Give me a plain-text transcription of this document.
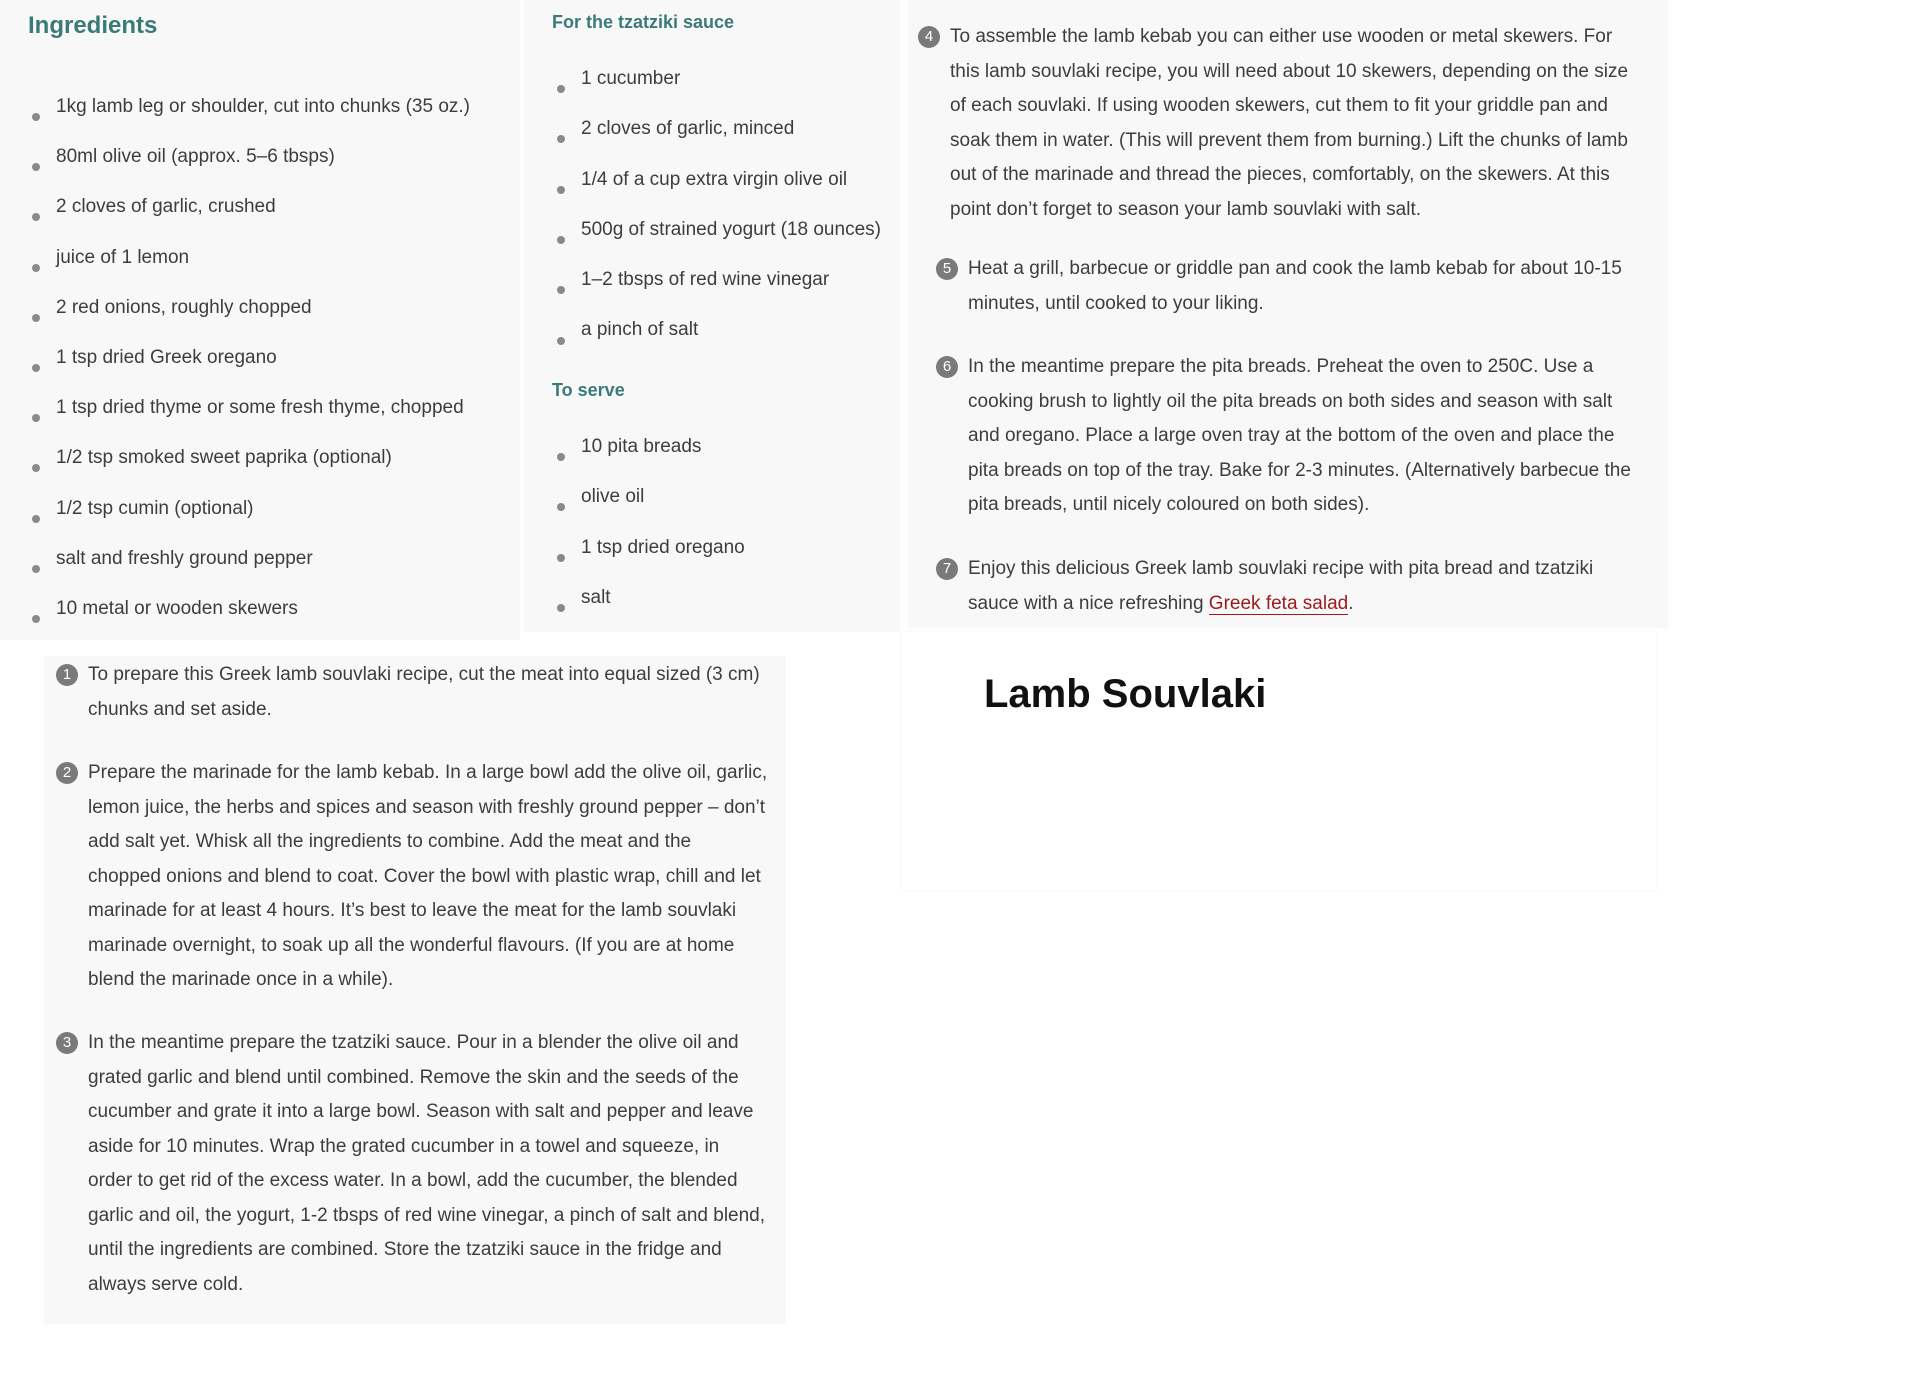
Ingredients
1kg lamb leg or shoulder, cut into chunks (35 oz.)
80ml olive oil (approx. 5–6 tbsps)
2 cloves of garlic, crushed
juice of 1 lemon
2 red onions, roughly chopped
1 tsp dried Greek oregano
1 tsp dried thyme or some fresh thyme, chopped
1/2 tsp smoked sweet paprika (optional)
1/2 tsp cumin (optional)
salt and freshly ground pepper
10 metal or wooden skewers
For the tzatziki sauce
1 cucumber
2 cloves of garlic, minced
1/4 of a cup extra virgin olive oil
500g of strained yogurt (18 ounces)
1–2 tbsps of red wine vinegar
a pinch of salt
To serve
10 pita breads
olive oil
1 tsp dried oregano
salt
1 To prepare this Greek lamb souvlaki recipe, cut the meat into equal sized (3 cm) chunks and set aside.
2 Prepare the marinade for the lamb kebab. In a large bowl add the olive oil, garlic, lemon juice, the herbs and spices and season with freshly ground pepper – don’t add salt yet. Whisk all the ingredients to combine. Add the meat and the chopped onions and blend to coat. Cover the bowl with plastic wrap, chill and let marinade for at least 4 hours. It’s best to leave the meat for the lamb souvlaki marinade overnight, to soak up all the wonderful flavours. (If you are at home blend the marinade once in a while).
3 In the meantime prepare the tzatziki sauce. Pour in a blender the olive oil and grated garlic and blend until combined. Remove the skin and the seeds of the cucumber and grate it into a large bowl. Season with salt and pepper and leave aside for 10 minutes. Wrap the grated cucumber in a towel and squeeze, in order to get rid of the excess water. In a bowl, add the cucumber, the blended garlic and oil, the yogurt, 1-2 tbsps of red wine vinegar, a pinch of salt and blend, until the ingredients are combined. Store the tzatziki sauce in the fridge and always serve cold.
4 To assemble the lamb kebab you can either use wooden or metal skewers. For this lamb souvlaki recipe, you will need about 10 skewers, depending on the size of each souvlaki. If using wooden skewers, cut them to fit your griddle pan and soak them in water. (This will prevent them from burning.) Lift the chunks of lamb out of the marinade and thread the pieces, comfortably, on the skewers. At this point don’t forget to season your lamb souvlaki with salt.
5 Heat a grill, barbecue or griddle pan and cook the lamb kebab for about 10-15 minutes, until cooked to your liking.
6 In the meantime prepare the pita breads. Preheat the oven to 250C. Use a cooking brush to lightly oil the pita breads on both sides and season with salt and oregano. Place a large oven tray at the bottom of the oven and place the pita breads on top of the tray. Bake for 2-3 minutes. (Alternatively barbecue the pita breads, until nicely coloured on both sides).
7 Enjoy this delicious Greek lamb souvlaki recipe with pita bread and tzatziki sauce with a nice refreshing Greek feta salad.
Lamb Souvlaki
